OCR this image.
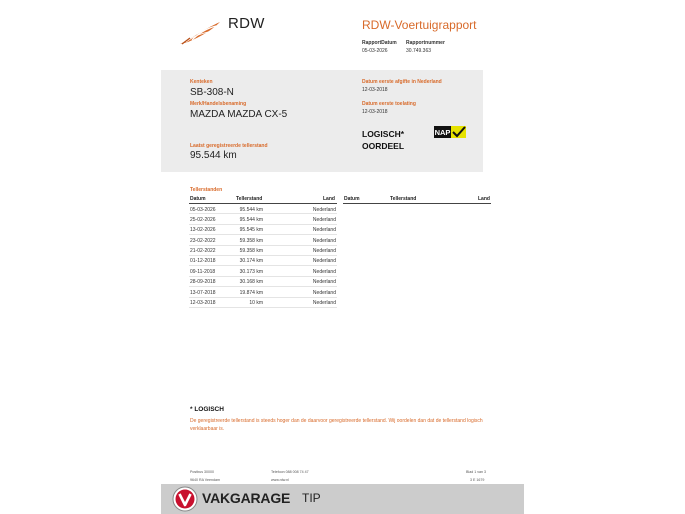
RDW	RDW-Voertuigrapport
RapportDatum
05-03-2026
Rapportnummer
30.749.363
Kenteken
SB-308-N
Merk/Handelsbenaming
MAZDA MAZDA CX-5
Laatst geregistreerde tellerstand
95.544 km
Datum eerste afgifte in Nederland
12-03-2018
Datum eerste toelating
12-03-2018
LOGISCH*
OORDEEL
NAP
Tellerstanden
Datum	Tellerstand	Land Datum	Tellerstand	Land
05-03-2026	95.544 km	Nederland
25-02-2026	95.544 km	Nederland
13-02-2026	95.545 km	Nederland
23-02-2022	59.358 km	Nederland
21-02-2022	59.358 km	Nederland
01-12-2018	30.174 km	Nederland
09-11-2018	30.173 km	Nederland
28-09-2018	30.168 km	Nederland
13-07-2018	19.874 km	Nederland
12-03-2018	10 km	Nederland
* LOGISCH
De geregistreerde tellerstand is steeds hoger dan de daarvoor geregistreerde tellerstand. Wij oordelen dan dat de tellerstand logisch verklaarbaar is.
Postbus 30000
9640 RA Veendam
Telefoon 088 008 74 47
www.rdw.nl
Blad 1 van 3
3 E 1679
VAKGARAGE TIP
